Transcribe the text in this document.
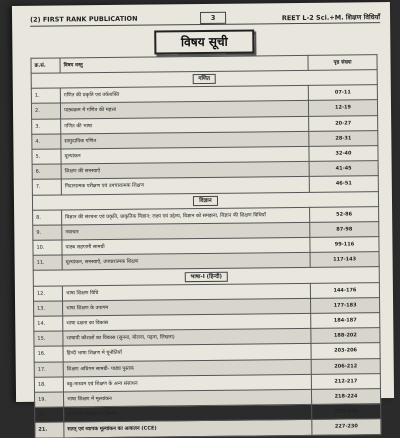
(2) FIRST RANK PUBLICATION	3	REET L-2 Sci.+M. शिक्षण विधियाँ
विषय सूची
क्र.सं.	विषय वस्तु	पृष्ठ संख्या
गणित		
1.	गणित की प्रकृति एवं तर्कशक्ति	07-11
2.	पाठ्यक्रम में गणित की महत्ता	12-19
3.	गणित की भाषा	20-27
4.	सामुदायिक गणित	28-31
5.	मूल्यांकन	32-40
6.	शिक्षण की समस्याएँ	41-45
7.	निदानात्मक परीक्षण एवं उपचारात्मक शिक्षण	46-51
विज्ञान		
8.	विज्ञान की संरचना एवं प्रकृति, प्राकृतिक विज्ञान: लक्ष्य एवं उद्देश्य, विज्ञान को समझना, विज्ञान की शिक्षण विधियाँ	52-86
9.	नवाचार	87-98
10.	पाठ्य सहगामी सामग्री	99-116
11.	मूल्यांकन, समस्याएँ, उपचारात्मक शिक्षण	117-143
भाषा-I (हिन्दी)		
12.	भाषा शिक्षण विधि	144-176
13.	भाषा शिक्षण के उपागम	177-183
14.	भाषा दक्षता का विकास	184-187
15.	भाषायी कौशलों का विकास (सुनना, बोलना, पढ़ना, लिखना)	188-202
16.	हिन्दी भाषा शिक्षण में चुनौतियाँ	203-206
17.	शिक्षण अधिगम सामग्री- पाठ्य पुस्तक	206-212
18.	बहु-माध्यम एवं शिक्षण के अन्य संसाधन	212-217
19.	भाषा शिक्षण में मूल्यांकन	218-224
20.	उपलब्धि परीक्षण का निर्माण	225-226
21.	सतत् एवं व्यापक मूल्यांकन का आकलन (CCE)	227-230
